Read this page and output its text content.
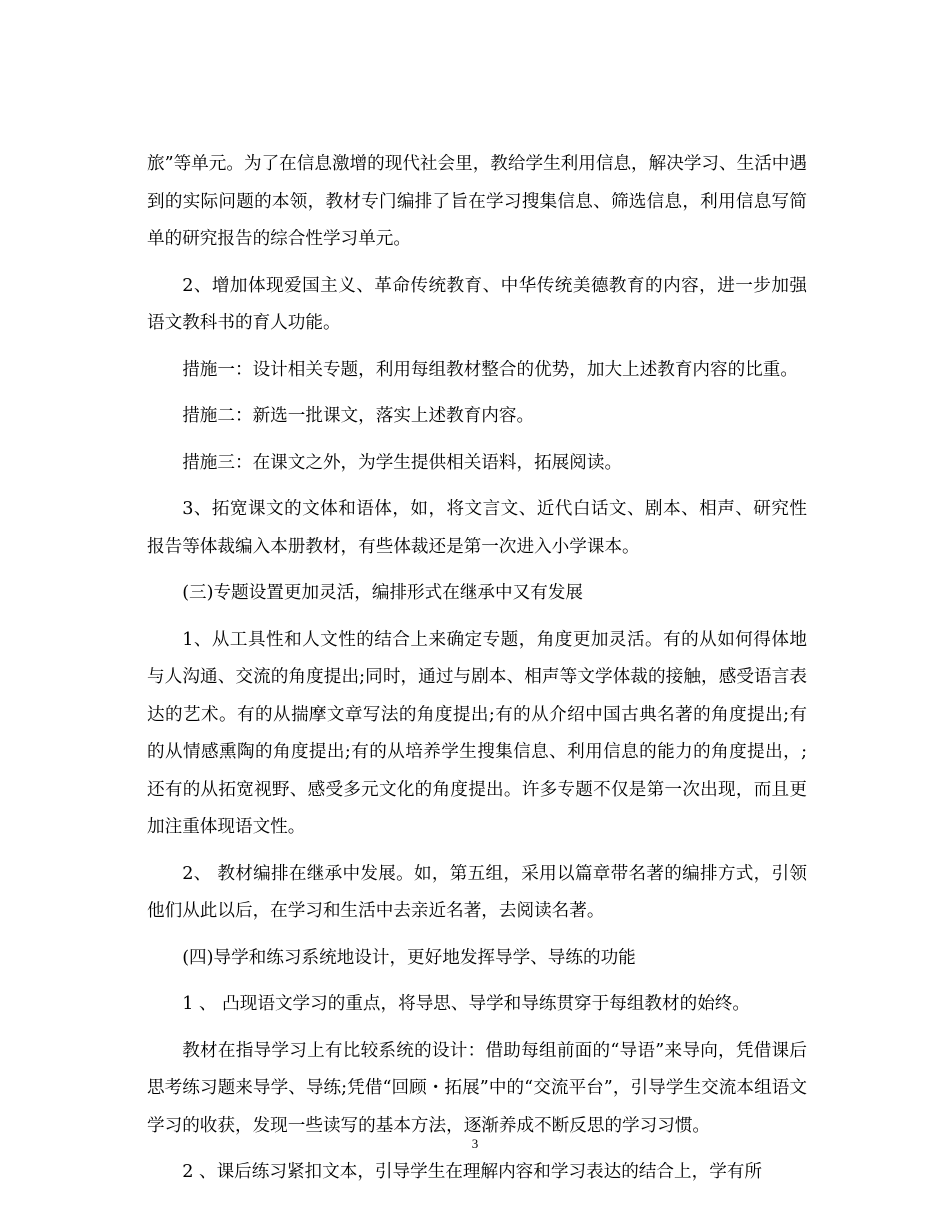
旅”等单元。为了在信息激增的现代社会里，教给学生利用信息，解决学习、生活中遇到的实际问题的本领，教材专门编排了旨在学习搜集信息、筛选信息，利用信息写简单的研究报告的综合性学习单元。

2、增加体现爱国主义、革命传统教育、中华传统美德教育的内容，进一步加强语文教科书的育人功能。

措施一：设计相关专题，利用每组教材整合的优势，加大上述教育内容的比重。

措施二：新选一批课文，落实上述教育内容。

措施三：在课文之外，为学生提供相关语料，拓展阅读。

3、拓宽课文的文体和语体，如，将文言文、近代白话文、剧本、相声、研究性报告等体裁编入本册教材，有些体裁还是第一次进入小学课本。

(三)专题设置更加灵活，编排形式在继承中又有发展

1、从工具性和人文性的结合上来确定专题，角度更加灵活。有的从如何得体地与人沟通、交流的角度提出;同时，通过与剧本、相声等文学体裁的接触，感受语言表达的艺术。有的从揣摩文章写法的角度提出;有的从介绍中国古典名著的角度提出;有的从情感熏陶的角度提出;有的从培养学生搜集信息、利用信息的能力的角度提出，;还有的从拓宽视野、感受多元文化的角度提出。许多专题不仅是第一次出现，而且更加注重体现语文性。

2、 教材编排在继承中发展。如，第五组，采用以篇章带名著的编排方式，引领他们从此以后，在学习和生活中去亲近名著，去阅读名著。

(四)导学和练习系统地设计，更好地发挥导学、导练的功能

1 、 凸现语文学习的重点，将导思、导学和导练贯穿于每组教材的始终。

教材在指导学习上有比较系统的设计：借助每组前面的“导语”来导向，凭借课后思考练习题来导学、导练;凭借“回顾・拓展”中的“交流平台”，引导学生交流本组语文学习的收获，发现一些读写的基本方法，逐渐养成不断反思的学习习惯。

2 、课后练习紧扣文本，引导学生在理解内容和学习表达的结合上，学有所

3
